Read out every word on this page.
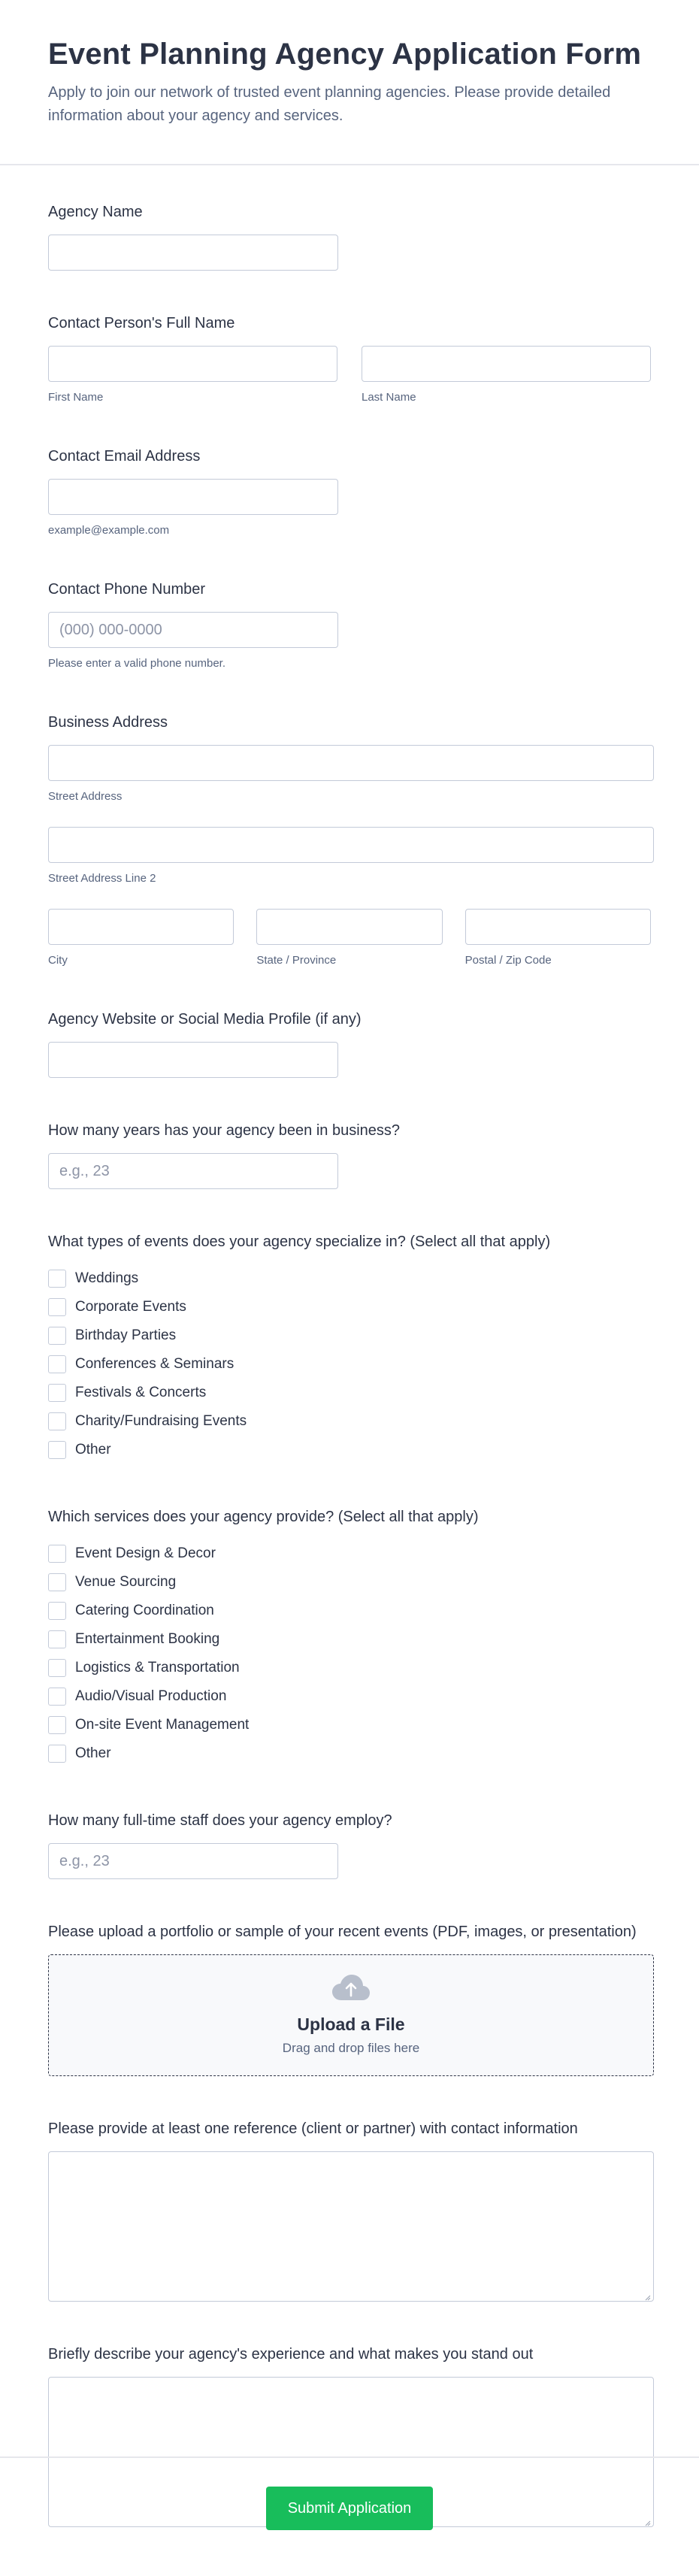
Event Planning Agency Application Form

Apply to join our network of trusted event planning agencies. Please provide detailed information about your agency and services.

Agency Name
Contact Person's Full Name
First Name	Last Name
Contact Email Address
example@example.com
Contact Phone Number
(000) 000-0000
Please enter a valid phone number.
Business Address
Street Address
Street Address Line 2
City	State / Province	Postal / Zip Code
Agency Website or Social Media Profile (if any)
How many years has your agency been in business?
e.g., 23
What types of events does your agency specialize in? (Select all that apply)
Weddings
Corporate Events
Birthday Parties
Conferences & Seminars
Festivals & Concerts
Charity/Fundraising Events
Other
Which services does your agency provide? (Select all that apply)
Event Design & Decor
Venue Sourcing
Catering Coordination
Entertainment Booking
Logistics & Transportation
Audio/Visual Production
On-site Event Management
Other
How many full-time staff does your agency employ?
e.g., 23
Please upload a portfolio or sample of your recent events (PDF, images, or presentation)
Upload a File
Drag and drop files here
Please provide at least one reference (client or partner) with contact information
Briefly describe your agency's experience and what makes you stand out
Submit Application
